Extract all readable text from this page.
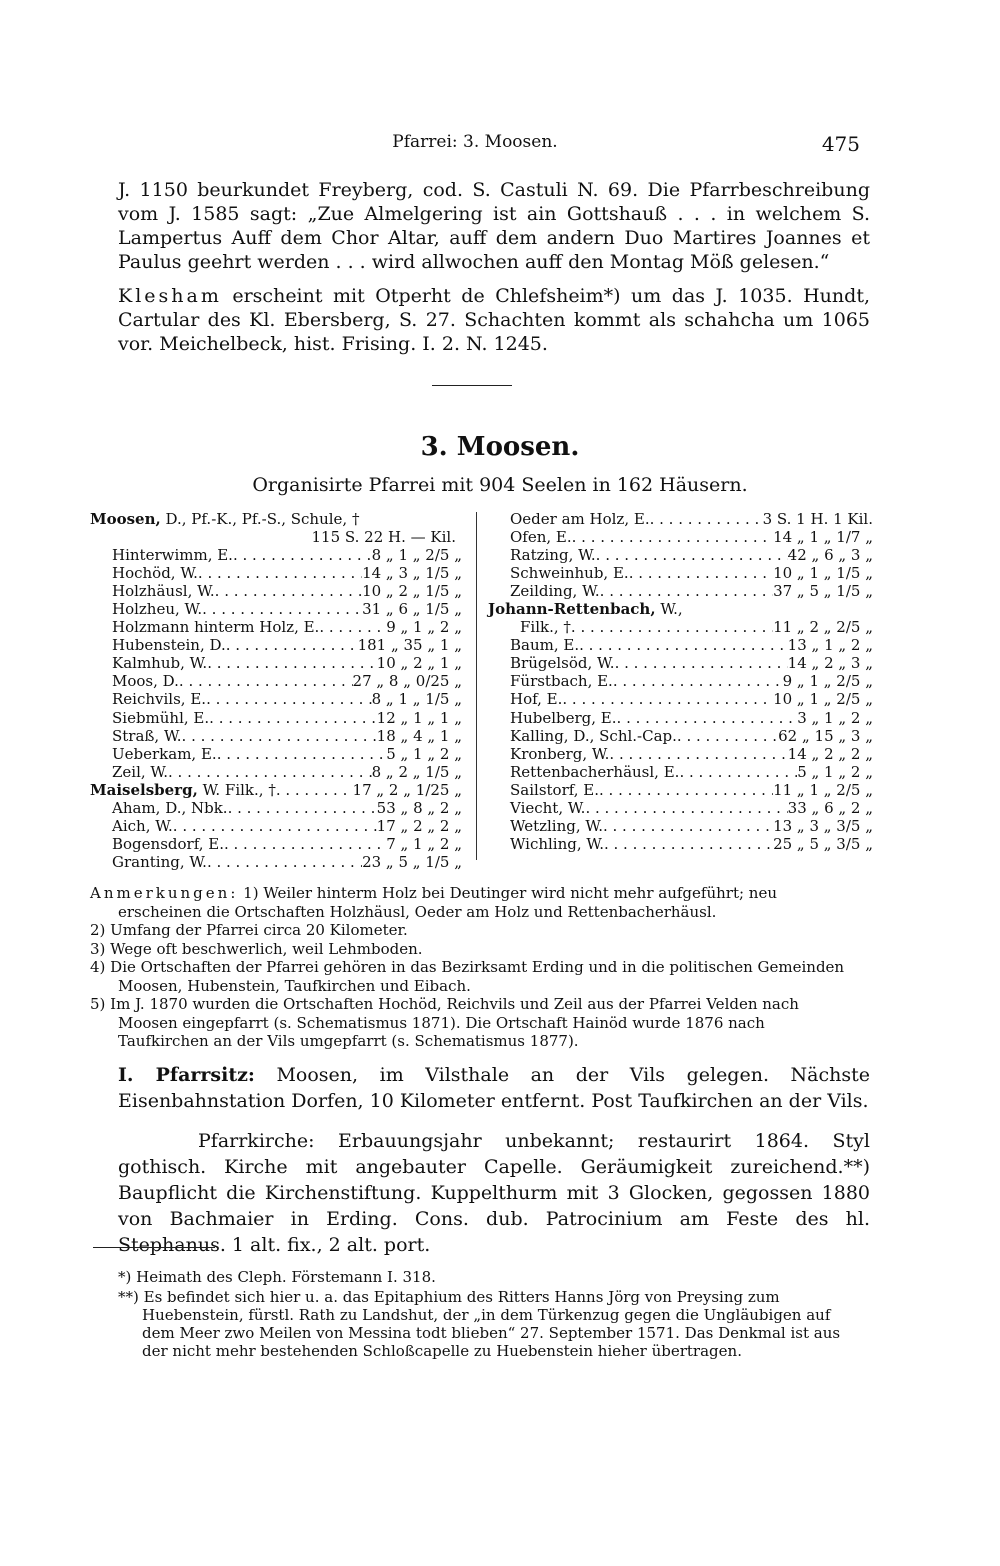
Pfarrei: 3. Moosen.	475

J. 1150 beurkundet Freyberg, cod. S. Castuli N. 69. Die Pfarrbeschreibung vom J. 1585 sagt: „Zue Almelgering ist ain Gottshauß . . . in welchem S. Lampertus Auff dem Chor Altar, auff dem andern Duo Martires Joannes et Paulus geehrt werden . . . wird allwochen auff den Montag Möß gelesen.“

Klesham erscheint mit Otperht de Chlefsheim*) um das J. 1035. Hundt, Cartular des Kl. Ebersberg, S. 27. Schachten kommt als schahcha um 1065 vor. Meichelbeck, hist. Frising. I. 2. N. 1245.

3. Moosen.
Organisirte Pfarrei mit 904 Seelen in 162 Häusern.
Moosen,
D., Pf.-K., Pf.-S., Schule, †
115 S. 22 H. — Kil.
Hinterwimm, E. . . .	8 „ 1 „ 2/5 „
Hochöd, W. . . .	14 „ 3 „ 1/5 „
Holzhäusl, W. . . .	10 „ 2 „ 1/5 „
Holzheu, W. . . .	31 „ 6 „ 1/5 „
Holzmann hinterm Holz, E. . . .	9 „ 1 „ 2 „
Hubenstein, D. . . .	181 „ 35 „ 1 „
Kalmhub, W. . . .	10 „ 2 „ 1 „
Moos, D. . . .	27 „ 8 „ 0/25 „
Reichvils, E. . . .	8 „ 1 „ 1/5 „
Siebmühl, E. . . .	12 „ 1 „ 1 „
Straß, W. . . .	18 „ 4 „ 1 „
Ueberkam, E. . . .	5 „ 1 „ 2 „
Zeil, W. . . .	8 „ 2 „ 1/5 „
Maiselsberg,
W. Filk., † . . .	17 „ 2 „ 1/25 „
Aham, D., Nbk. . . .	53 „ 8 „ 2 „
Aich, W. . . .	17 „ 2 „ 2 „
Bogensdorf, E. . . .	7 „ 1 „ 2 „
Granting, W. . . .	23 „ 5 „ 1/5 „
Oeder am Holz, E. . . .	3 S. 1 H. 1 Kil.
Ofen, E. . . .	14 „ 1 „ 1/7 „
Ratzing, W. . . .	42 „ 6 „ 3 „
Schweinhub, E. . . .	10 „ 1 „ 1/5 „
Zeilding, W. . . .	37 „ 5 „ 1/5 „
Johann-Rettenbach,
W.,
Filk., † . . .	11 „ 2 „ 2/5 „
Baum, E. . . .	13 „ 1 „ 2 „
Brügelsöd, W. . . .	14 „ 2 „ 3 „
Fürstbach, E. . . .	9 „ 1 „ 2/5 „
Hof, E. . . .	10 „ 1 „ 2/5 „
Hubelberg, E. . . .	3 „ 1 „ 2 „
Kalling, D., Schl.-Cap. . . .	62 „ 15 „ 3 „
Kronberg, W. . . .	14 „ 2 „ 2 „
Rettenbacherhäusl, E. . . .	5 „ 1 „ 2 „
Sailstorf, E. . . .	11 „ 1 „ 2/5 „
Viecht, W. . . .	33 „ 6 „ 2 „
Wetzling, W. . . .	13 „ 3 „ 3/5 „
Wichling, W. . . .	25 „ 5 „ 3/5 „

Anmerkungen: 1) Weiler hinterm Holz bei Deutinger wird nicht mehr aufgeführt; neu erscheinen die Ortschaften Holzhäusl, Oeder am Holz und Rettenbacherhäusl.

2) Umfang der Pfarrei circa 20 Kilometer.

3) Wege oft beschwerlich, weil Lehmboden.

4) Die Ortschaften der Pfarrei gehören in das Bezirksamt Erding und in die politischen Gemeinden Moosen, Hubenstein, Taufkirchen und Eibach.

5) Im J. 1870 wurden die Ortschaften Hochöd, Reichvils und Zeil aus der Pfarrei Velden nach Moosen eingepfarrt (s. Schematismus 1871). Die Ortschaft Hainöd wurde 1876 nach Taufkirchen an der Vils umgepfarrt (s. Schematismus 1877).

I. Pfarrsitz: Moosen, im Vilsthale an der Vils gelegen. Nächste Eisenbahnstation Dorfen, 10 Kilometer entfernt. Post Taufkirchen an der Vils.

Pfarrkirche: Erbauungsjahr unbekannt; restaurirt 1864. Styl gothisch. Kirche mit angebauter Capelle. Geräumigkeit zureichend.**) Baupflicht die Kirchenstiftung. Kuppelthurm mit 3 Glocken, gegossen 1880 von Bachmaier in Erding. Cons. dub. Patrocinium am Feste des hl. Stephanus. 1 alt. fix., 2 alt. port.

*) Heimath des Cleph. Förstemann I. 318.

**) Es befindet sich hier u. a. das Epitaphium des Ritters Hanns Jörg von Preysing zum Huebenstein, fürstl. Rath zu Landshut, der „in dem Türkenzug gegen die Ungläubigen auf dem Meer zwo Meilen von Messina todt blieben“ 27. September 1571. Das Denkmal ist aus der nicht mehr bestehenden Schloßcapelle zu Huebenstein hieher übertragen.
